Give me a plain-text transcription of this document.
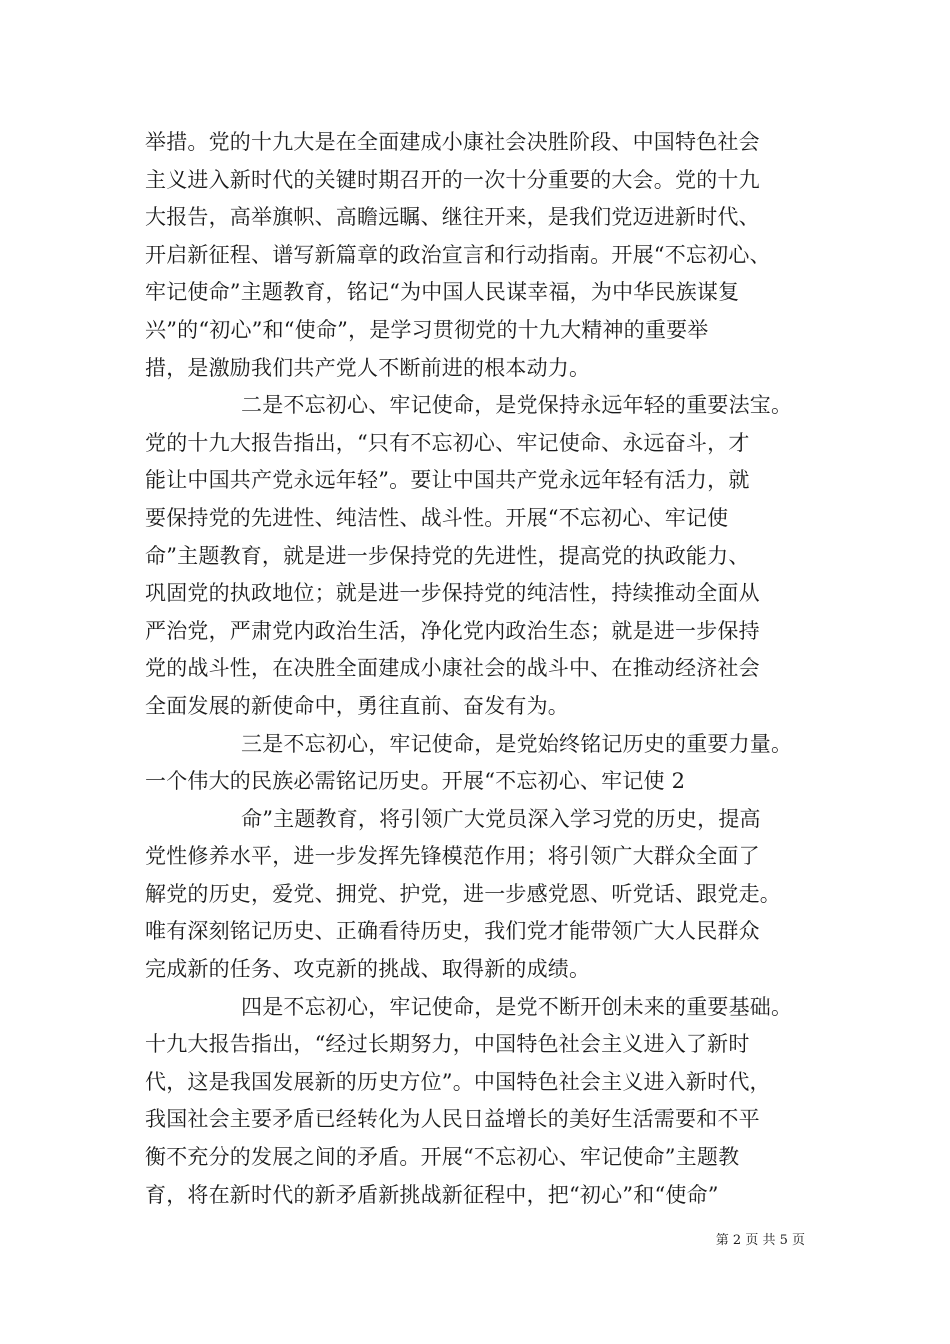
举措。党的十九大是在全面建成小康社会决胜阶段、中国特色社会
主义进入新时代的关键时期召开的一次十分重要的大会。党的十九
大报告，高举旗帜、高瞻远瞩、继往开来，是我们党迈进新时代、
开启新征程、谱写新篇章的政治宣言和行动指南。开展“不忘初心、
牢记使命”主题教育，铭记“为中国人民谋幸福，为中华民族谋复
兴”的“初心”和“使命”，是学习贯彻党的十九大精神的重要举
措，是激励我们共产党人不断前进的根本动力。
二是不忘初心、牢记使命，是党保持永远年轻的重要法宝。
党的十九大报告指出，“只有不忘初心、牢记使命、永远奋斗，才
能让中国共产党永远年轻”。要让中国共产党永远年轻有活力，就
要保持党的先进性、纯洁性、战斗性。开展“不忘初心、牢记使
命”主题教育，就是进一步保持党的先进性，提高党的执政能力、
巩固党的执政地位；就是进一步保持党的纯洁性，持续推动全面从
严治党，严肃党内政治生活，净化党内政治生态；就是进一步保持
党的战斗性，在决胜全面建成小康社会的战斗中、在推动经济社会
全面发展的新使命中，勇往直前、奋发有为。
三是不忘初心，牢记使命，是党始终铭记历史的重要力量。
一个伟大的民族必需铭记历史。开展“不忘初心、牢记使 2
命”主题教育，将引领广大党员深入学习党的历史，提高
党性修养水平，进一步发挥先锋模范作用；将引领广大群众全面了
解党的历史，爱党、拥党、护党，进一步感党恩、听党话、跟党走。
唯有深刻铭记历史、正确看待历史，我们党才能带领广大人民群众
完成新的任务、攻克新的挑战、取得新的成绩。
四是不忘初心，牢记使命，是党不断开创未来的重要基础。
十九大报告指出，“经过长期努力，中国特色社会主义进入了新时
代，这是我国发展新的历史方位”。中国特色社会主义进入新时代，
我国社会主要矛盾已经转化为人民日益增长的美好生活需要和不平
衡不充分的发展之间的矛盾。开展“不忘初心、牢记使命”主题教
育，将在新时代的新矛盾新挑战新征程中，把“初心”和“使命”
第 2 页 共 5 页
